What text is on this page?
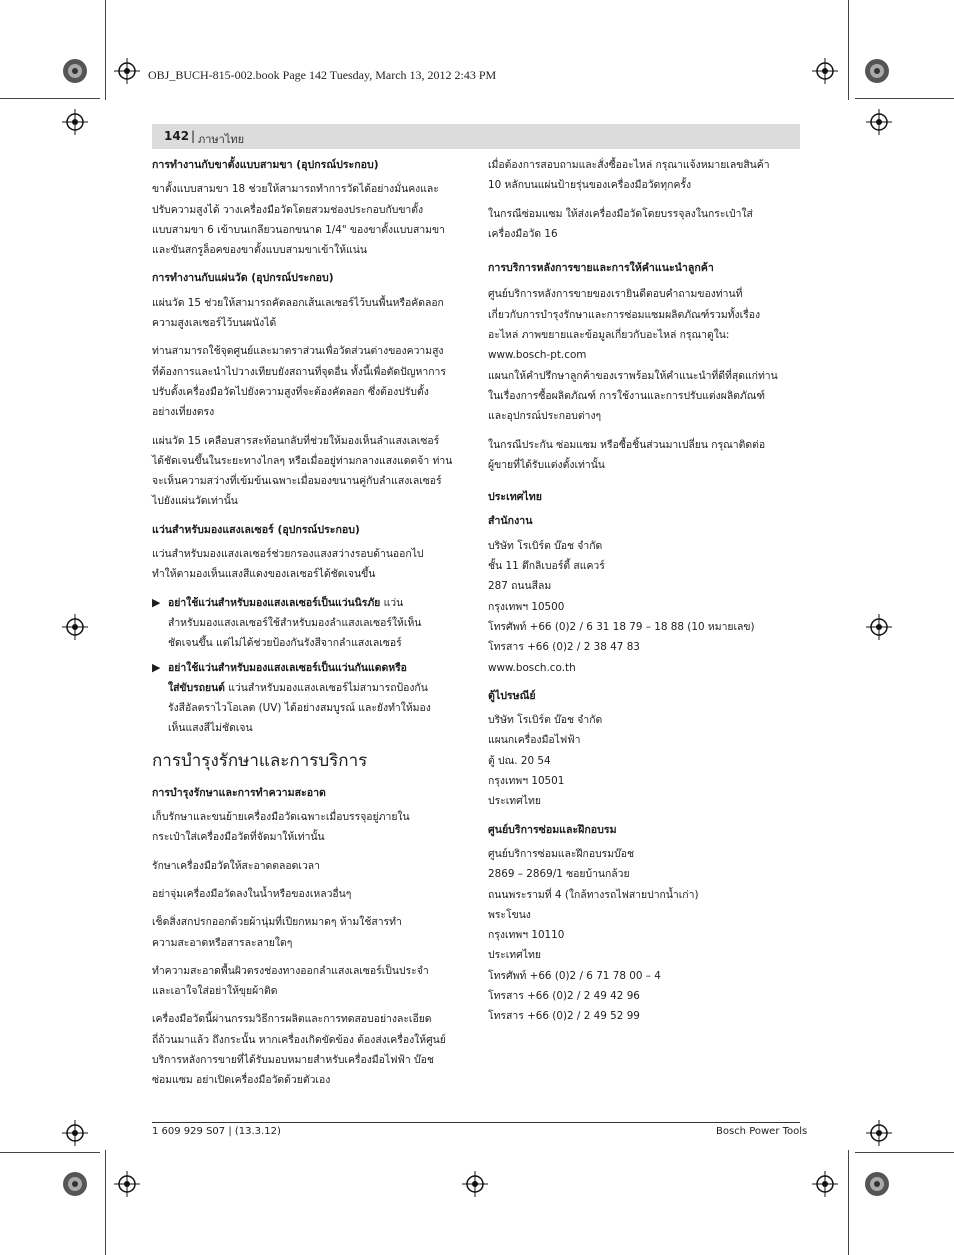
OBJ_BUCH-815-002.book Page 142 Tuesday, March 13, 2012 2:43 PM
142 | ภาษาไทย
การทำงานกับขาตั้งแบบสามขา (อุปกรณ์ประกอบ)
ขาตั้งแบบสามขา 18 ช่วยให้สามารถทำการวัดได้อย่างมั่นคงและ
ปรับความสูงได้ วางเครื่องมือวัดโดยสวมช่องประกอบกับขาตั้ง
แบบสามขา 6 เข้าบนเกลียวนอกขนาด 1/4" ของขาตั้งแบบสามขา
และขันสกรูล็อคของขาตั้งแบบสามขาเข้าให้แน่น
การทำงานกับแผ่นวัด (อุปกรณ์ประกอบ)
แผ่นวัด 15 ช่วยให้สามารถคัดลอกเส้นเลเซอร์ไว้บนพื้นหรือคัดลอก
ความสูงเลเซอร์ไว้บนผนังได้
ท่านสามารถใช้จุดศูนย์และมาตราส่วนเพื่อวัดส่วนต่างของความสูง
ที่ต้องการและนำไปวางเทียบยังสถานที่จุดอื่น ทั้งนี้เพื่อตัดปัญหาการ
ปรับตั้งเครื่องมือวัดไปยังความสูงที่จะต้องคัดลอก ซึ่งต้องปรับตั้ง
อย่างเที่ยงตรง
แผ่นวัด 15 เคลือบสารสะท้อนกลับที่ช่วยให้มองเห็นลำแสงเลเซอร์
ได้ชัดเจนขึ้นในระยะทางไกลๆ หรือเมื่ออยู่ท่ามกลางแสงแดดจ้า ท่าน
จะเห็นความสว่างที่เข้มข้นเฉพาะเมื่อมองขนานคู่กับลำแสงเลเซอร์
ไปยังแผ่นวัดเท่านั้น
แว่นสำหรับมองแสงเลเซอร์ (อุปกรณ์ประกอบ)
แว่นสำหรับมองแสงเลเซอร์ช่วยกรองแสงสว่างรอบด้านออกไป
ทำให้ตามองเห็นแสงสีแดงของเลเซอร์ได้ชัดเจนขึ้น
▶ อย่าใช้แว่นสำหรับมองแสงเลเซอร์เป็นแว่นนิรภัย แว่น
สำหรับมองแสงเลเซอร์ใช้สำหรับมองลำแสงเลเซอร์ให้เห็น
ชัดเจนขึ้น แต่ไม่ได้ช่วยป้องกันรังสีจากลำแสงเลเซอร์
▶ อย่าใช้แว่นสำหรับมองแสงเลเซอร์เป็นแว่นกันแดดหรือ
ใส่ขับรถยนต์ แว่นสำหรับมองแสงเลเซอร์ไม่สามารถป้องกัน
รังสีอัลตราไวโอเลต (UV) ได้อย่างสมบูรณ์ และยังทำให้มอง
เห็นแสงสีไม่ชัดเจน
การบำรุงรักษาและการบริการ
การบำรุงรักษาและการทำความสะอาด
เก็บรักษาและขนย้ายเครื่องมือวัดเฉพาะเมื่อบรรจุอยู่ภายใน
กระเป๋าใส่เครื่องมือวัดที่จัดมาให้เท่านั้น
รักษาเครื่องมือวัดให้สะอาดตลอดเวลา
อย่าจุ่มเครื่องมือวัดลงในน้ำหรือของเหลวอื่นๆ
เช็ดสิ่งสกปรกออกด้วยผ้านุ่มที่เปียกหมาดๆ ห้ามใช้สารทำ
ความสะอาดหรือสารละลายใดๆ
ทำความสะอาดพื้นผิวตรงช่องทางออกลำแสงเลเซอร์เป็นประจำ
และเอาใจใส่อย่าให้ขุยผ้าติด
เครื่องมือวัดนี้ผ่านกรรมวิธีการผลิตและการทดสอบอย่างละเอียด
ถี่ถ้วนมาแล้ว ถึงกระนั้น หากเครื่องเกิดขัดข้อง ต้องส่งเครื่องให้ศูนย์
บริการหลังการขายที่ได้รับมอบหมายสำหรับเครื่องมือไฟฟ้า บ๊อช
ซ่อมแซม อย่าเปิดเครื่องมือวัดด้วยตัวเอง
เมื่อต้องการสอบถามและสั่งซื้ออะไหล่ กรุณาแจ้งหมายเลขสินค้า
10 หลักบนแผ่นป้ายรุ่นของเครื่องมือวัดทุกครั้ง
ในกรณีซ่อมแซม ให้ส่งเครื่องมือวัดโดยบรรจุลงในกระเป๋าใส่
เครื่องมือวัด 16
การบริการหลังการขายและการให้คำแนะนำลูกค้า
ศูนย์บริการหลังการขายของเรายินดีตอบคำถามของท่านที่
เกี่ยวกับการบำรุงรักษาและการซ่อมแซมผลิตภัณฑ์รวมทั้งเรื่อง
อะไหล่ ภาพขยายและข้อมูลเกี่ยวกับอะไหล่ กรุณาดูใน:
www.bosch-pt.com
แผนกให้คำปรึกษาลูกค้าของเราพร้อมให้คำแนะนำที่ดีที่สุดแก่ท่าน
ในเรื่องการซื้อผลิตภัณฑ์ การใช้งานและการปรับแต่งผลิตภัณฑ์
และอุปกรณ์ประกอบต่างๆ
ในกรณีประกัน ซ่อมแซม หรือซื้อชิ้นส่วนมาเปลี่ยน กรุณาติดต่อ
ผู้ขายที่ได้รับแต่งตั้งเท่านั้น
ประเทศไทย
สำนักงาน
บริษัท โรเบิร์ต บ๊อช จำกัด
ชั้น 11 ตึกลิเบอร์ตี้ สแควร์
287 ถนนสีลม
กรุงเทพฯ 10500
โทรศัพท์ +66 (0)2 / 6 31 18 79 – 18 88 (10 หมายเลข)
โทรสาร +66 (0)2 / 2 38 47 83
www.bosch.co.th
ตู้ไปรษณีย์
บริษัท โรเบิร์ต บ๊อช จำกัด
แผนกเครื่องมือไฟฟ้า
ตู้ ปณ. 20 54
กรุงเทพฯ 10501
ประเทศไทย
ศูนย์บริการซ่อมและฝึกอบรม
ศูนย์บริการซ่อมและฝึกอบรมบ๊อช
2869 – 2869/1 ซอยบ้านกล้วย
ถนนพระรามที่ 4 (ใกล้ทางรถไฟสายปากน้ำเก่า)
พระโขนง
กรุงเทพฯ 10110
ประเทศไทย
โทรศัพท์ +66 (0)2 / 6 71 78 00 – 4
โทรสาร +66 (0)2 / 2 49 42 96
โทรสาร +66 (0)2 / 2 49 52 99
1 609 929 S07 | (13.3.12)	Bosch Power Tools
